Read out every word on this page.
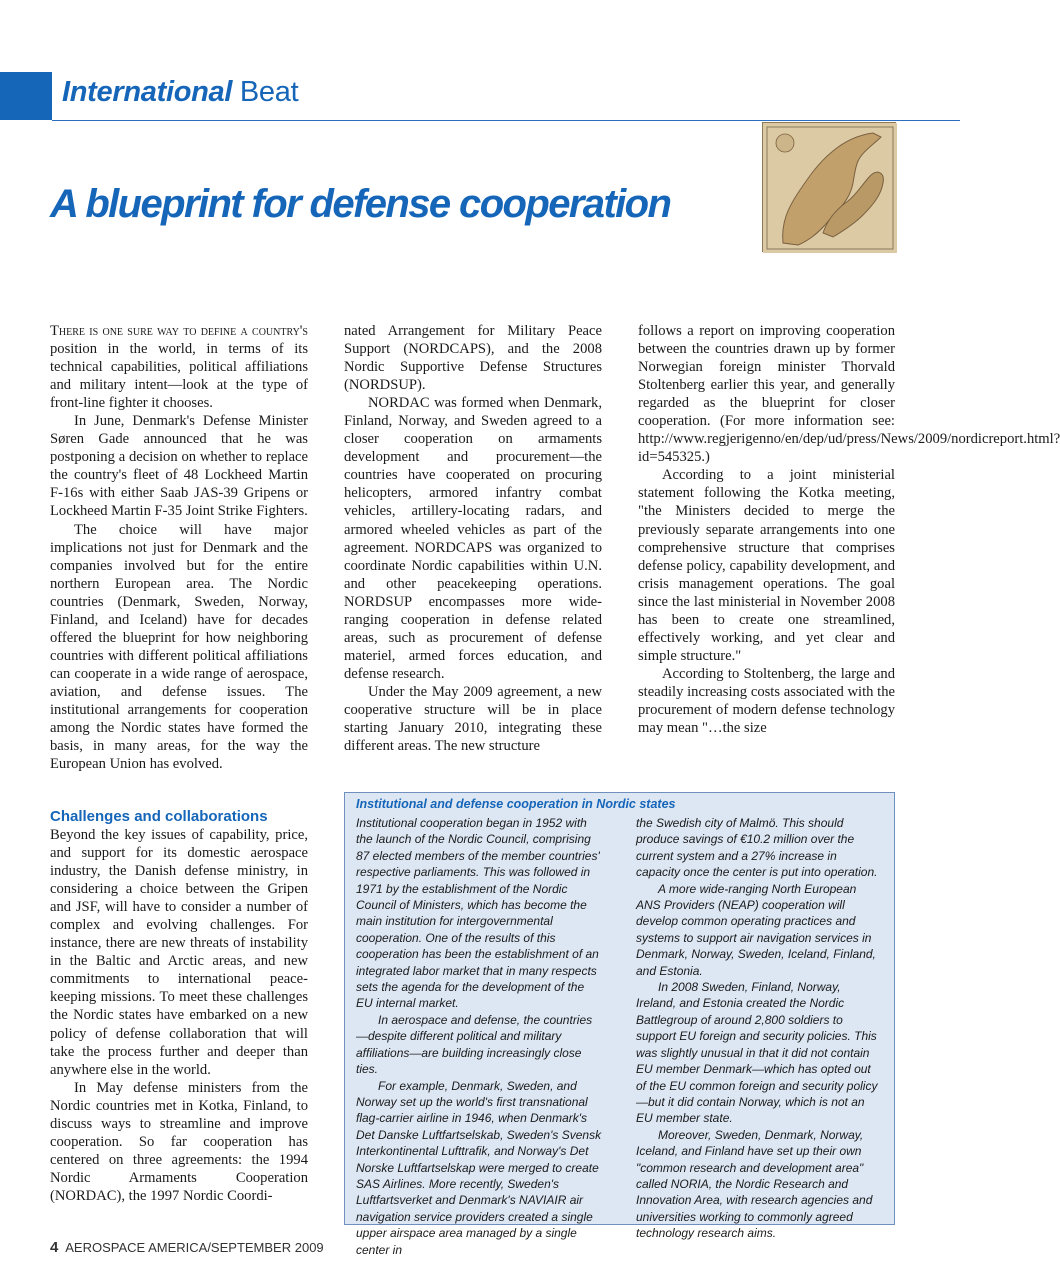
International Beat
A blueprint for defense cooperation

There is one sure way to define a country's position in the world, in terms of its technical capabilities, political affiliations and military intent—look at the type of front-line fighter it chooses.

In June, Denmark's Defense Minister Søren Gade announced that he was postponing a decision on whether to replace the country's fleet of 48 Lockheed Martin F-16s with either Saab JAS-39 Gripens or Lockheed Martin F-35 Joint Strike Fighters.

The choice will have major implications not just for Denmark and the companies involved but for the entire northern European area. The Nordic countries (Denmark, Sweden, Norway, Finland, and Iceland) have for decades offered the blueprint for how neighboring countries with different political affiliations can cooperate in a wide range of aerospace, aviation, and defense issues. The institutional arrangements for cooperation among the Nordic states have formed the basis, in many areas, for the way the European Union has evolved.

Challenges and collaborations

Beyond the key issues of capability, price, and support for its domestic aerospace industry, the Danish defense ministry, in considering a choice between the Gripen and JSF, will have to consider a number of complex and evolving challenges. For instance, there are new threats of instability in the Baltic and Arctic areas, and new commitments to international peace-keeping missions. To meet these challenges the Nordic states have embarked on a new policy of defense collaboration that will take the process further and deeper than anywhere else in the world.

In May defense ministers from the Nordic countries met in Kotka, Finland, to discuss ways to streamline and improve cooperation. So far cooperation has centered on three agreements: the 1994 Nordic Armaments Cooperation (NORDAC), the 1997 Nordic Coordi-

nated Arrangement for Military Peace Support (NORDCAPS), and the 2008 Nordic Supportive Defense Structures (NORDSUP).

NORDAC was formed when Denmark, Finland, Norway, and Sweden agreed to a closer cooperation on armaments development and procurement—the countries have cooperated on procuring helicopters, armored infantry combat vehicles, artillery-locating radars, and armored wheeled vehicles as part of the agreement. NORDCAPS was organized to coordinate Nordic capabilities within U.N. and other peacekeeping operations. NORDSUP encompasses more wide-ranging cooperation in defense related areas, such as procurement of defense materiel, armed forces education, and defense research.

Under the May 2009 agreement, a new cooperative structure will be in place starting January 2010, integrating these different areas. The new structure

follows a report on improving cooperation between the countries drawn up by former Norwegian foreign minister Thorvald Stoltenberg earlier this year, and generally regarded as the blueprint for closer cooperation. (For more information see: http://www.regjerigenno/en/dep/ud/press/News/2009/nordicreport.html?id=545325.)

According to a joint ministerial statement following the Kotka meeting, "the Ministers decided to merge the previously separate arrangements into one comprehensive structure that comprises defense policy, capability development, and crisis management operations. The goal since the last ministerial in November 2008 has been to create one streamlined, effectively working, and yet clear and simple structure."

According to Stoltenberg, the large and steadily increasing costs associated with the procurement of modern defense technology may mean "…the size

Institutional and defense cooperation in Nordic states

Institutional cooperation began in 1952 with the launch of the Nordic Council, comprising 87 elected members of the member countries' respective parliaments. This was followed in 1971 by the establishment of the Nordic Council of Ministers, which has become the main institution for intergovernmental cooperation. One of the results of this cooperation has been the establishment of an integrated labor market that in many respects sets the agenda for the development of the EU internal market.

In aerospace and defense, the countries—despite different political and military affiliations—are building increasingly close ties.

For example, Denmark, Sweden, and Norway set up the world's first transnational flag-carrier airline in 1946, when Denmark's Det Danske Luftfartselskab, Sweden's Svensk Interkontinental Lufttrafik, and Norway's Det Norske Luftfartselskap were merged to create SAS Airlines. More recently, Sweden's Luftfartsverket and Denmark's NAVIAIR air navigation service providers created a single upper airspace area managed by a single center in

the Swedish city of Malmö. This should produce savings of €10.2 million over the current system and a 27% increase in capacity once the center is put into operation.

A more wide-ranging North European ANS Providers (NEAP) cooperation will develop common operating practices and systems to support air navigation services in Denmark, Norway, Sweden, Iceland, Finland, and Estonia.

In 2008 Sweden, Finland, Norway, Ireland, and Estonia created the Nordic Battlegroup of around 2,800 soldiers to support EU foreign and security policies. This was slightly unusual in that it did not contain EU member Denmark—which has opted out of the EU common foreign and security policy—but it did contain Norway, which is not an EU member state.

Moreover, Sweden, Denmark, Norway, Iceland, and Finland have set up their own "common research and development area" called NORIA, the Nordic Research and Innovation Area, with research agencies and universities working to commonly agreed technology research aims.

4 AEROSPACE AMERICA/SEPTEMBER 2009
